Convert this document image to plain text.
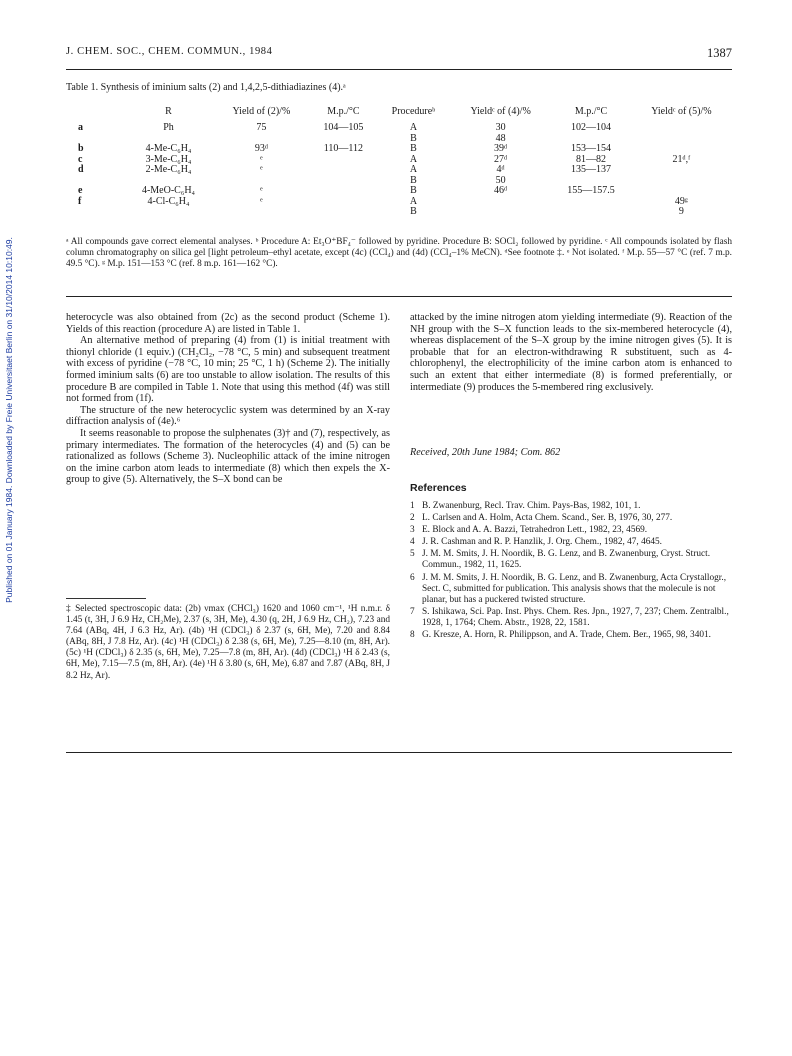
Published on 01 January 1984. Downloaded by Freie Universitaet Berlin on 31/10/2014 10:10:49.
J. CHEM. SOC., CHEM. COMMUN., 1984	1387
Table 1. Synthesis of iminium salts (2) and 1,4,2,5-dithiadiazines (4).ᵃ
	R	Yield of (2)/%	M.p./°C	Procedureᵇ	Yieldᶜ of (4)/%	M.p./°C	Yieldᶜ of (5)/%
a	Ph	75	104—105	A	30	102—104	
				B	48		
b	4-Me-C₆H₄	93ᵈ	110—112	B	39ᵈ	153—154	
c	3-Me-C₆H₄	ᵉ		A	27ᵈ	81—82	21ᵈ,ᶠ
d	2-Me-C₆H₄	ᵉ		A	4ᵈ	135—137	
				B	50		
e	4-MeO-C₆H₄	ᵉ		B	46ᵈ	155—157.5	
f	4-Cl-C₆H₄	ᵉ		A			49ᵍ
				B			9
ᵃ All compounds gave correct elemental analyses. ᵇ Procedure A: Et₃O⁺BF₄⁻ followed by pyridine. Procedure B: SOCl₂ followed by pyridine. ᶜ All compounds isolated by flash column chromatography on silica gel [light petroleum–ethyl acetate, except (4c) (CCl₄) and (4d) (CCl₄–1% MeCN). ᵈSee footnote ‡. ᵉ Not isolated. ᶠ M.p. 55—57 °C (ref. 7 m.p. 49.5 °C). ᵍ M.p. 151—153 °C (ref. 8 m.p. 161—162 °C).

heterocycle was also obtained from (2c) as the second product (Scheme 1). Yields of this reaction (procedure A) are listed in Table 1.

An alternative method of preparing (4) from (1) is initial treatment with thionyl chloride (1 equiv.) (CH₂Cl₂, −78 °C, 5 min) and subsequent treatment with excess of pyridine (−78 °C, 10 min; 25 °C, 1 h) (Scheme 2). The initially formed iminium salts (6) are too unstable to allow isolation. The results of this procedure B are compiled in Table 1. Note that using this method (4f) was still not formed from (1f).

The structure of the new heterocyclic system was determined by an X-ray diffraction analysis of (4e).⁶

It seems reasonable to propose the sulphenates (3)† and (7), respectively, as primary intermediates. The formation of the heterocycles (4) and (5) can be rationalized as follows (Scheme 3). Nucleophilic attack of the imine nitrogen on the imine carbon atom leads to intermediate (8) which then expels the X-group to give (5). Alternatively, the S–X bond can be

‡ Selected spectroscopic data: (2b) νmax (CHCl₃) 1620 and 1060 cm⁻¹, ¹H n.m.r. δ 1.45 (t, 3H, J 6.9 Hz, CH₂Me), 2.37 (s, 3H, Me), 4.30 (q, 2H, J 6.9 Hz, CH₂), 7.23 and 7.64 (ABq, 4H, J 6.3 Hz, Ar). (4b) ¹H (CDCl₃) δ 2.37 (s, 6H, Me), 7.20 and 8.84 (ABq, 8H, J 7.8 Hz, Ar). (4c) ¹H (CDCl₃) δ 2.38 (s, 6H, Me), 7.25—8.10 (m, 8H, Ar). (5c) ¹H (CDCl₃) δ 2.35 (s, 6H, Me), 7.25—7.8 (m, 8H, Ar). (4d) (CDCl₃) ¹H δ 2.43 (s, 6H, Me), 7.15—7.5 (m, 8H, Ar). (4e) ¹H δ 3.80 (s, 6H, Me), 6.87 and 7.87 (ABq, 8H, J 8.2 Hz, Ar).

attacked by the imine nitrogen atom yielding intermediate (9). Reaction of the NH group with the S–X function leads to the six-membered heterocycle (4), whereas displacement of the S–X group by the imine nitrogen gives (5). It is probable that for an electron-withdrawing R substituent, such as 4-chlorophenyl, the electrophilicity of the imine carbon atom is enhanced to such an extent that either intermediate (8) is formed preferentially, or intermediate (9) produces the 5-membered ring exclusively.

Received, 20th June 1984; Com. 862
References
1 B. Zwanenburg, Recl. Trav. Chim. Pays-Bas, 1982, 101, 1.
2 L. Carlsen and A. Holm, Acta Chem. Scand., Ser. B, 1976, 30, 277.
3 E. Block and A. A. Bazzi, Tetrahedron Lett., 1982, 23, 4569.
4 J. R. Cashman and R. P. Hanzlik, J. Org. Chem., 1982, 47, 4645.
5 J. M. M. Smits, J. H. Noordik, B. G. Lenz, and B. Zwanenburg, Cryst. Struct. Commun., 1982, 11, 1625.
6 J. M. M. Smits, J. H. Noordik, B. G. Lenz, and B. Zwanenburg, Acta Crystallogr., Sect. C, submitted for publication. This analysis shows that the molecule is not planar, but has a puckered twisted structure.
7 S. Ishikawa, Sci. Pap. Inst. Phys. Chem. Res. Jpn., 1927, 7, 237; Chem. Zentralbl., 1928, 1, 1764; Chem. Abstr., 1928, 22, 1581.
8 G. Kresze, A. Horn, R. Philippson, and A. Trade, Chem. Ber., 1965, 98, 3401.
